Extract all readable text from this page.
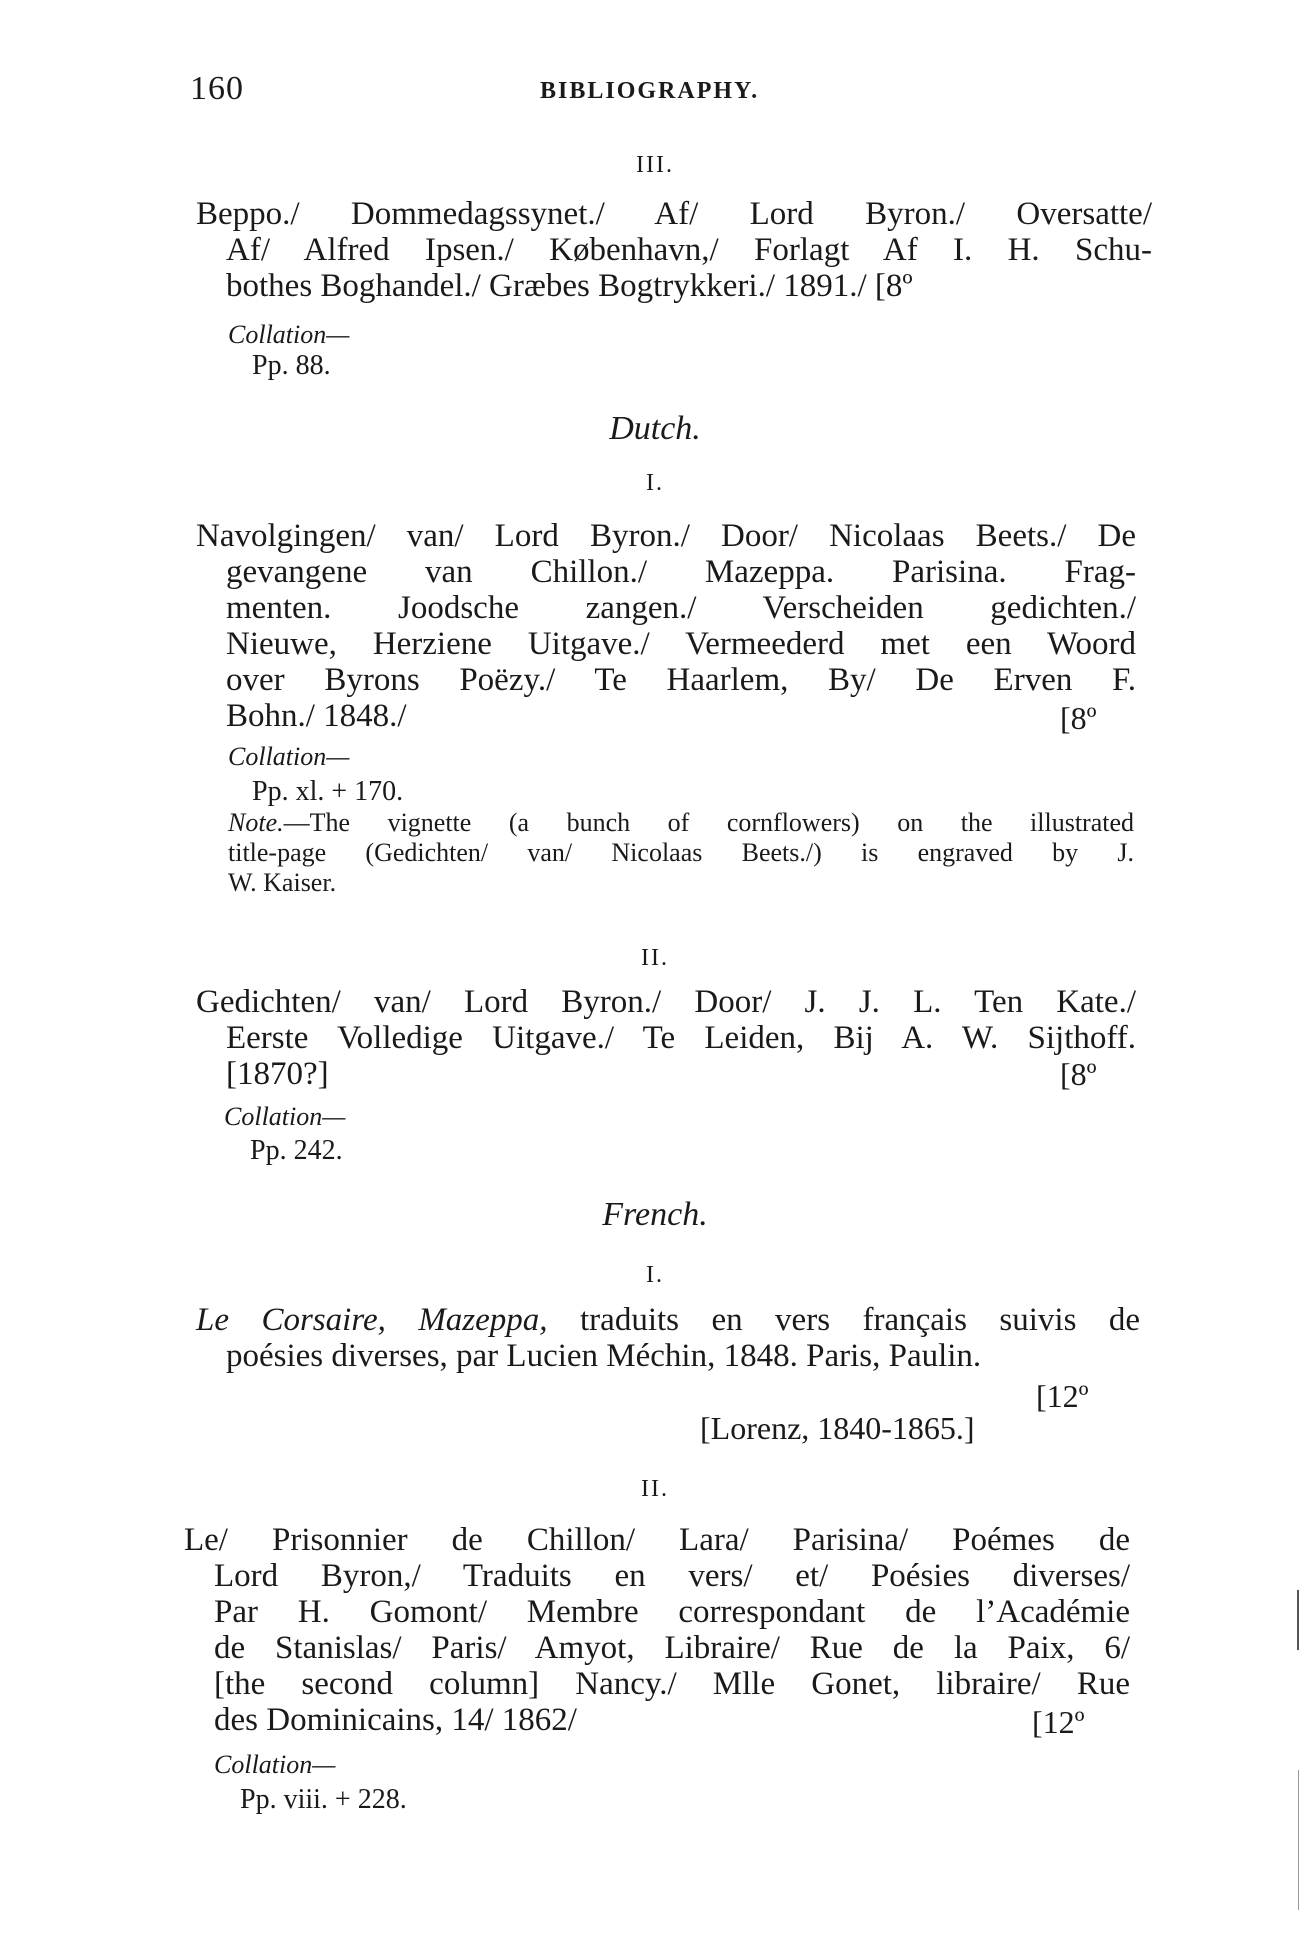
160	BIBLIOGRAPHY.
III.
Beppo./ Dommedagssynet./ Af/ Lord Byron./ Oversatte/
Af/ Alfred Ipsen./ København,/ Forlagt Af I. H. Schu-
bothes Boghandel./ Græbes Bogtrykkeri./ 1891./ [8º
Collation—
Pp. 88.
Dutch.
I.
Navolgingen/ van/ Lord Byron./ Door/ Nicolaas Beets./ De
gevangene van Chillon./ Mazeppa. Parisina. Frag-
menten. Joodsche zangen./ Verscheiden gedichten./
Nieuwe, Herziene Uitgave./ Vermeederd met een Woord
over Byrons Poëzy./ Te Haarlem, By/ De Erven F.
Bohn./ 1848./	[8º
Collation—
Pp. xl. + 170.
Note.—The vignette (a bunch of cornflowers) on the illustrated
title-page (Gedichten/ van/ Nicolaas Beets./) is engraved by J.
W. Kaiser.
II.
Gedichten/ van/ Lord Byron./ Door/ J. J. L. Ten Kate./
Eerste Volledige Uitgave./ Te Leiden, Bij A. W. Sijthoff.
[1870?]	[8º
Collation—
Pp. 242.
French.
I.
Le Corsaire, Mazeppa, traduits en vers français suivis de
poésies diverses, par Lucien Méchin, 1848. Paris, Paulin.
[12º
[Lorenz, 1840-1865.]
II.
Le/ Prisonnier de Chillon/ Lara/ Parisina/ Poémes de
Lord Byron,/ Traduits en vers/ et/ Poésies diverses/
Par H. Gomont/ Membre correspondant de l’Académie
de Stanislas/ Paris/ Amyot, Libraire/ Rue de la Paix, 6/
[the second column] Nancy./ Mlle Gonet, libraire/ Rue
des Dominicains, 14/ 1862/	[12º
Collation—
Pp. viii. + 228.
